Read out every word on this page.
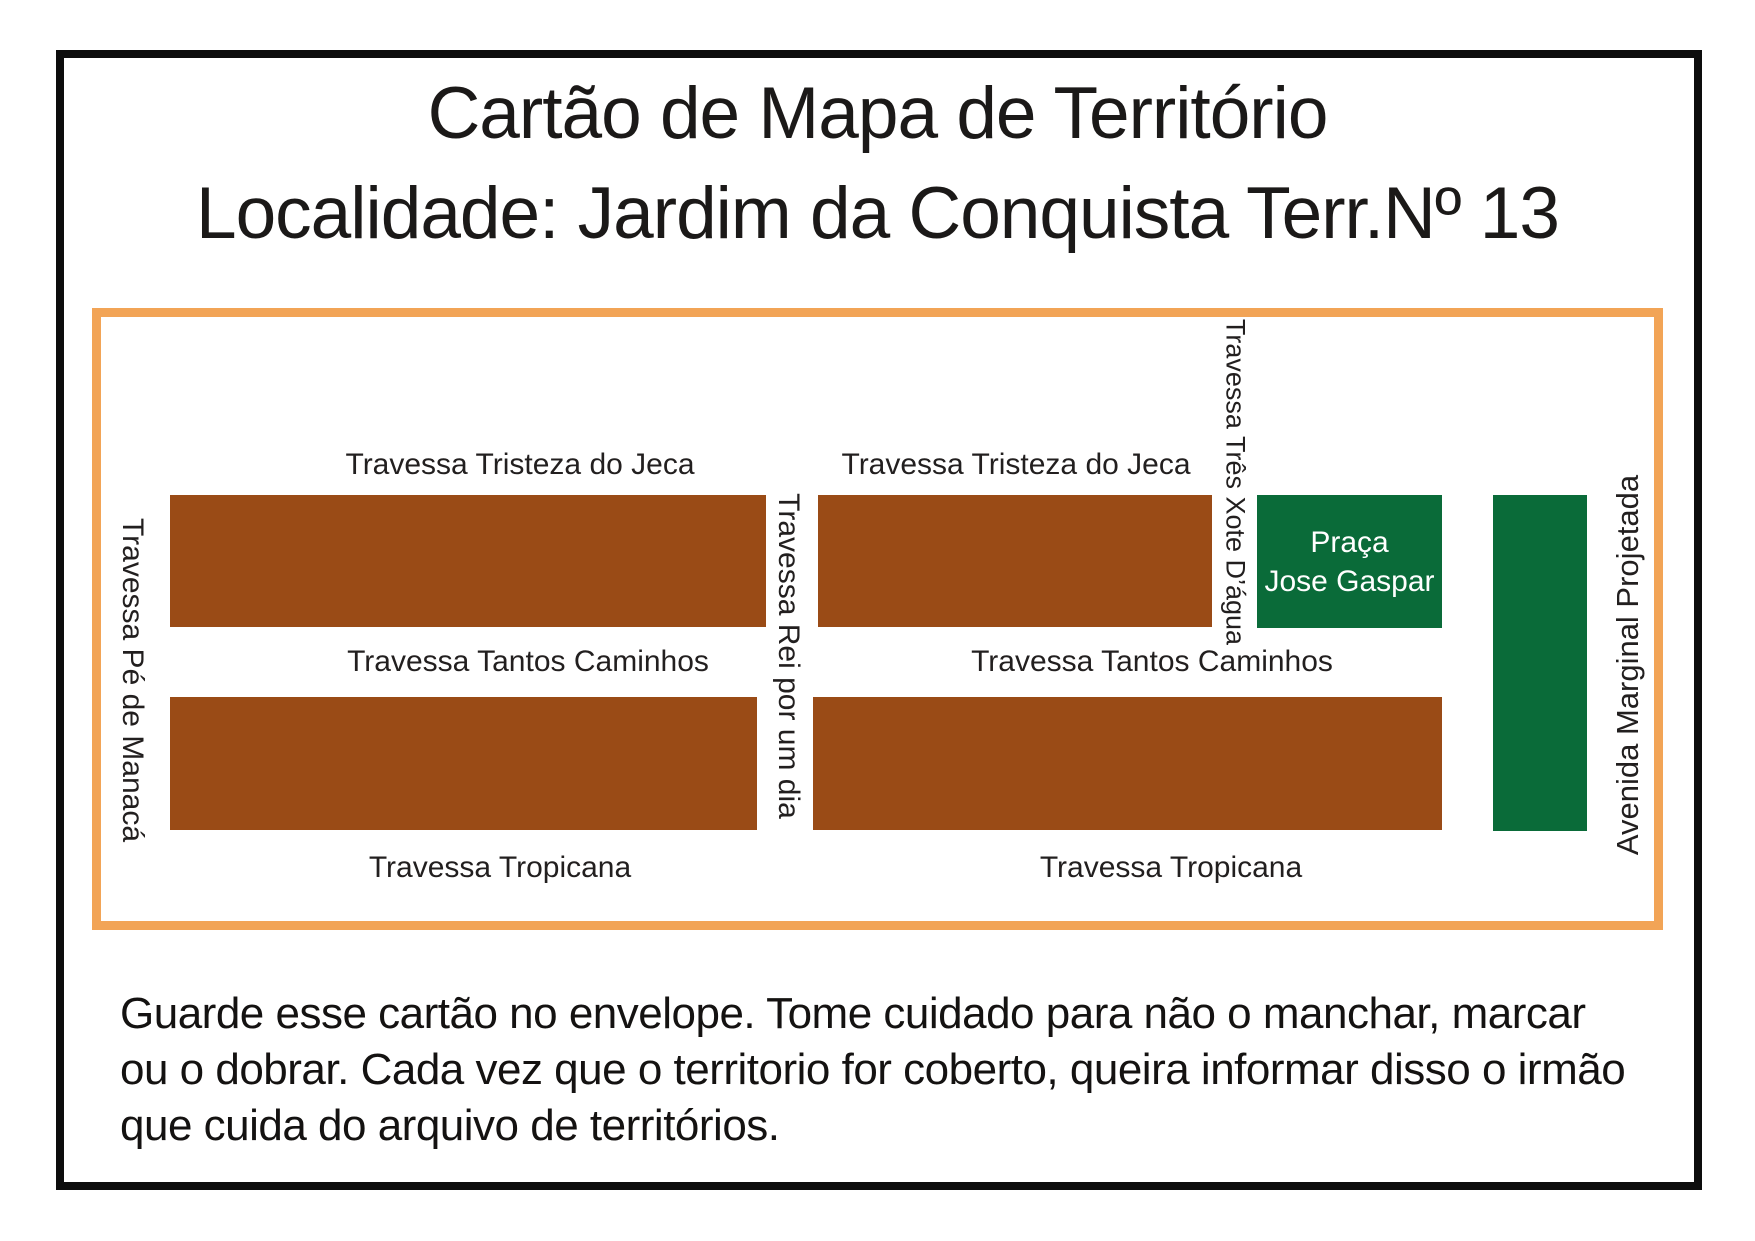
Cartão de Mapa de Território
Localidade: Jardim da Conquista Terr.Nº 13
Praça
Jose Gaspar
Travessa Tristeza do Jeca	Travessa Tristeza do Jeca
Travessa Tantos Caminhos	Travessa Tantos Caminhos
Travessa Tropicana	Travessa Tropicana
Travessa Pé de Manacá	Travessa Rei por um dia
Travessa Três Xote D’água	Avenida Marginal Projetada
Guarde esse cartão no envelope. Tome cuidado para não o manchar, marcar
ou o dobrar. Cada vez que o territorio for coberto, queira informar disso o irmão
que cuida do arquivo de territórios.
